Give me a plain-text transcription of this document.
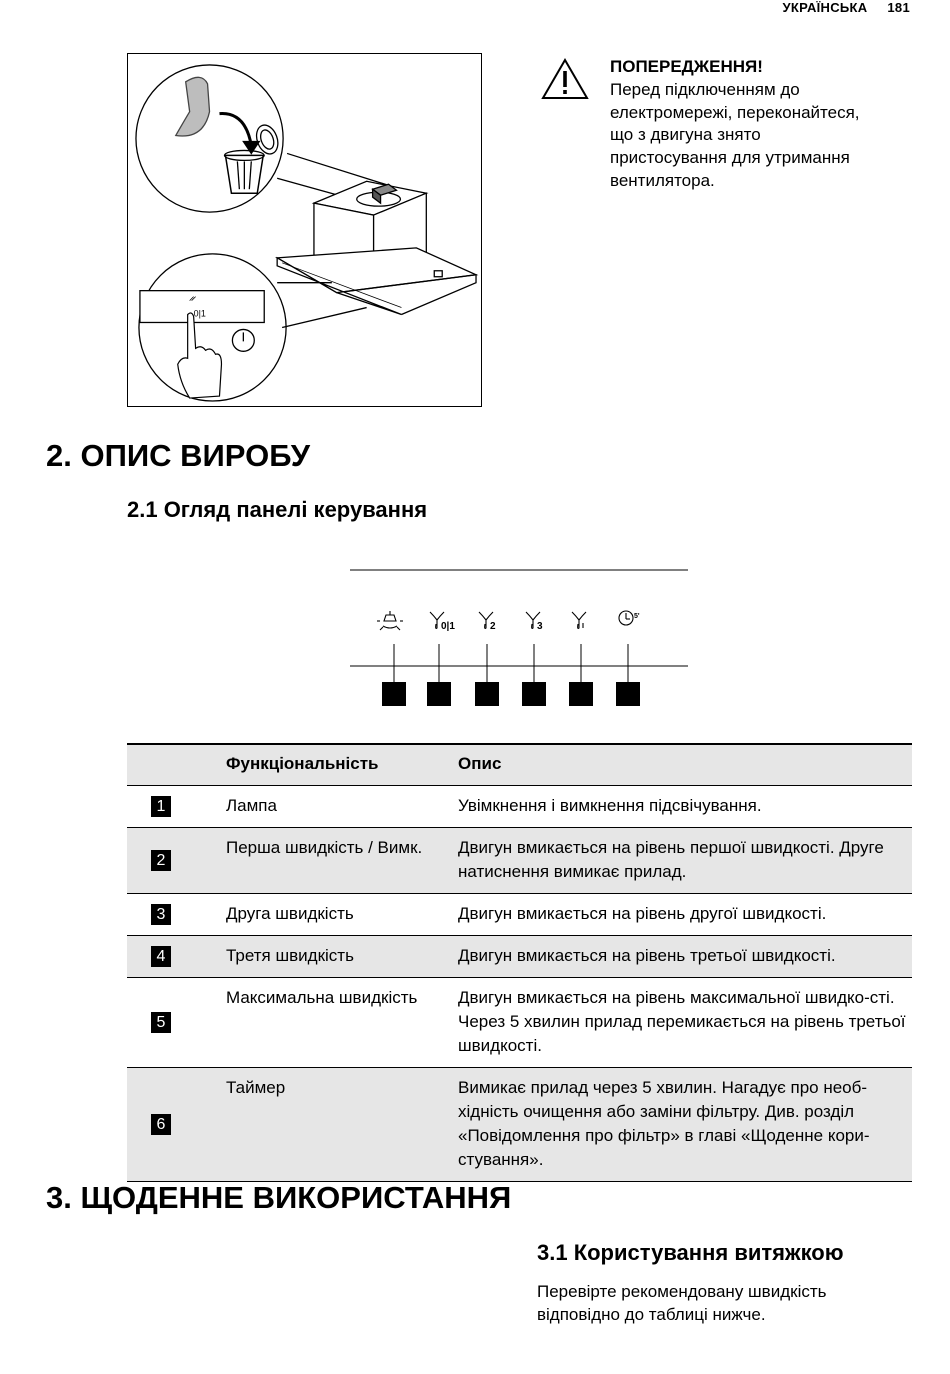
УКРАЇНСЬКА 181
0|1
ПОПЕРЕДЖЕННЯ!
Перед підключенням до електромережі, переконайтеся, що з двигуна знято пристосування для утримання вентилятора.
2. ОПИС ВИРОБУ
2.1 Огляд панелі керування
0|1	2	3
5'
	Функціональність	Опис
1	Лампа	Увімкнення і вимкнення підсвічування.
2	Перша швидкість / Вимк.	Двигун вмикається на рівень першої швидкості. Друге натиснення вимикає прилад.
3	Друга швидкість	Двигун вмикається на рівень другої швидкості.
4	Третя швидкість	Двигун вмикається на рівень третьої швидкості.
5	Максимальна швидкість	Двигун вмикається на рівень максимальної швидко-сті. Через 5 хвилин прилад перемикається на рівень третьої швидкості.
6	Таймер	Вимикає прилад через 5 хвилин. Нагадує про необ-хідність очищення або заміни фільтру. Див. розділ «Повідомлення про фільтр» в главі «Щоденне кори-стування».
3. ЩОДЕННЕ ВИКОРИСТАННЯ
3.1 Користування витяжкою

Перевірте рекомендовану швидкість відповідно до таблиці нижче.
